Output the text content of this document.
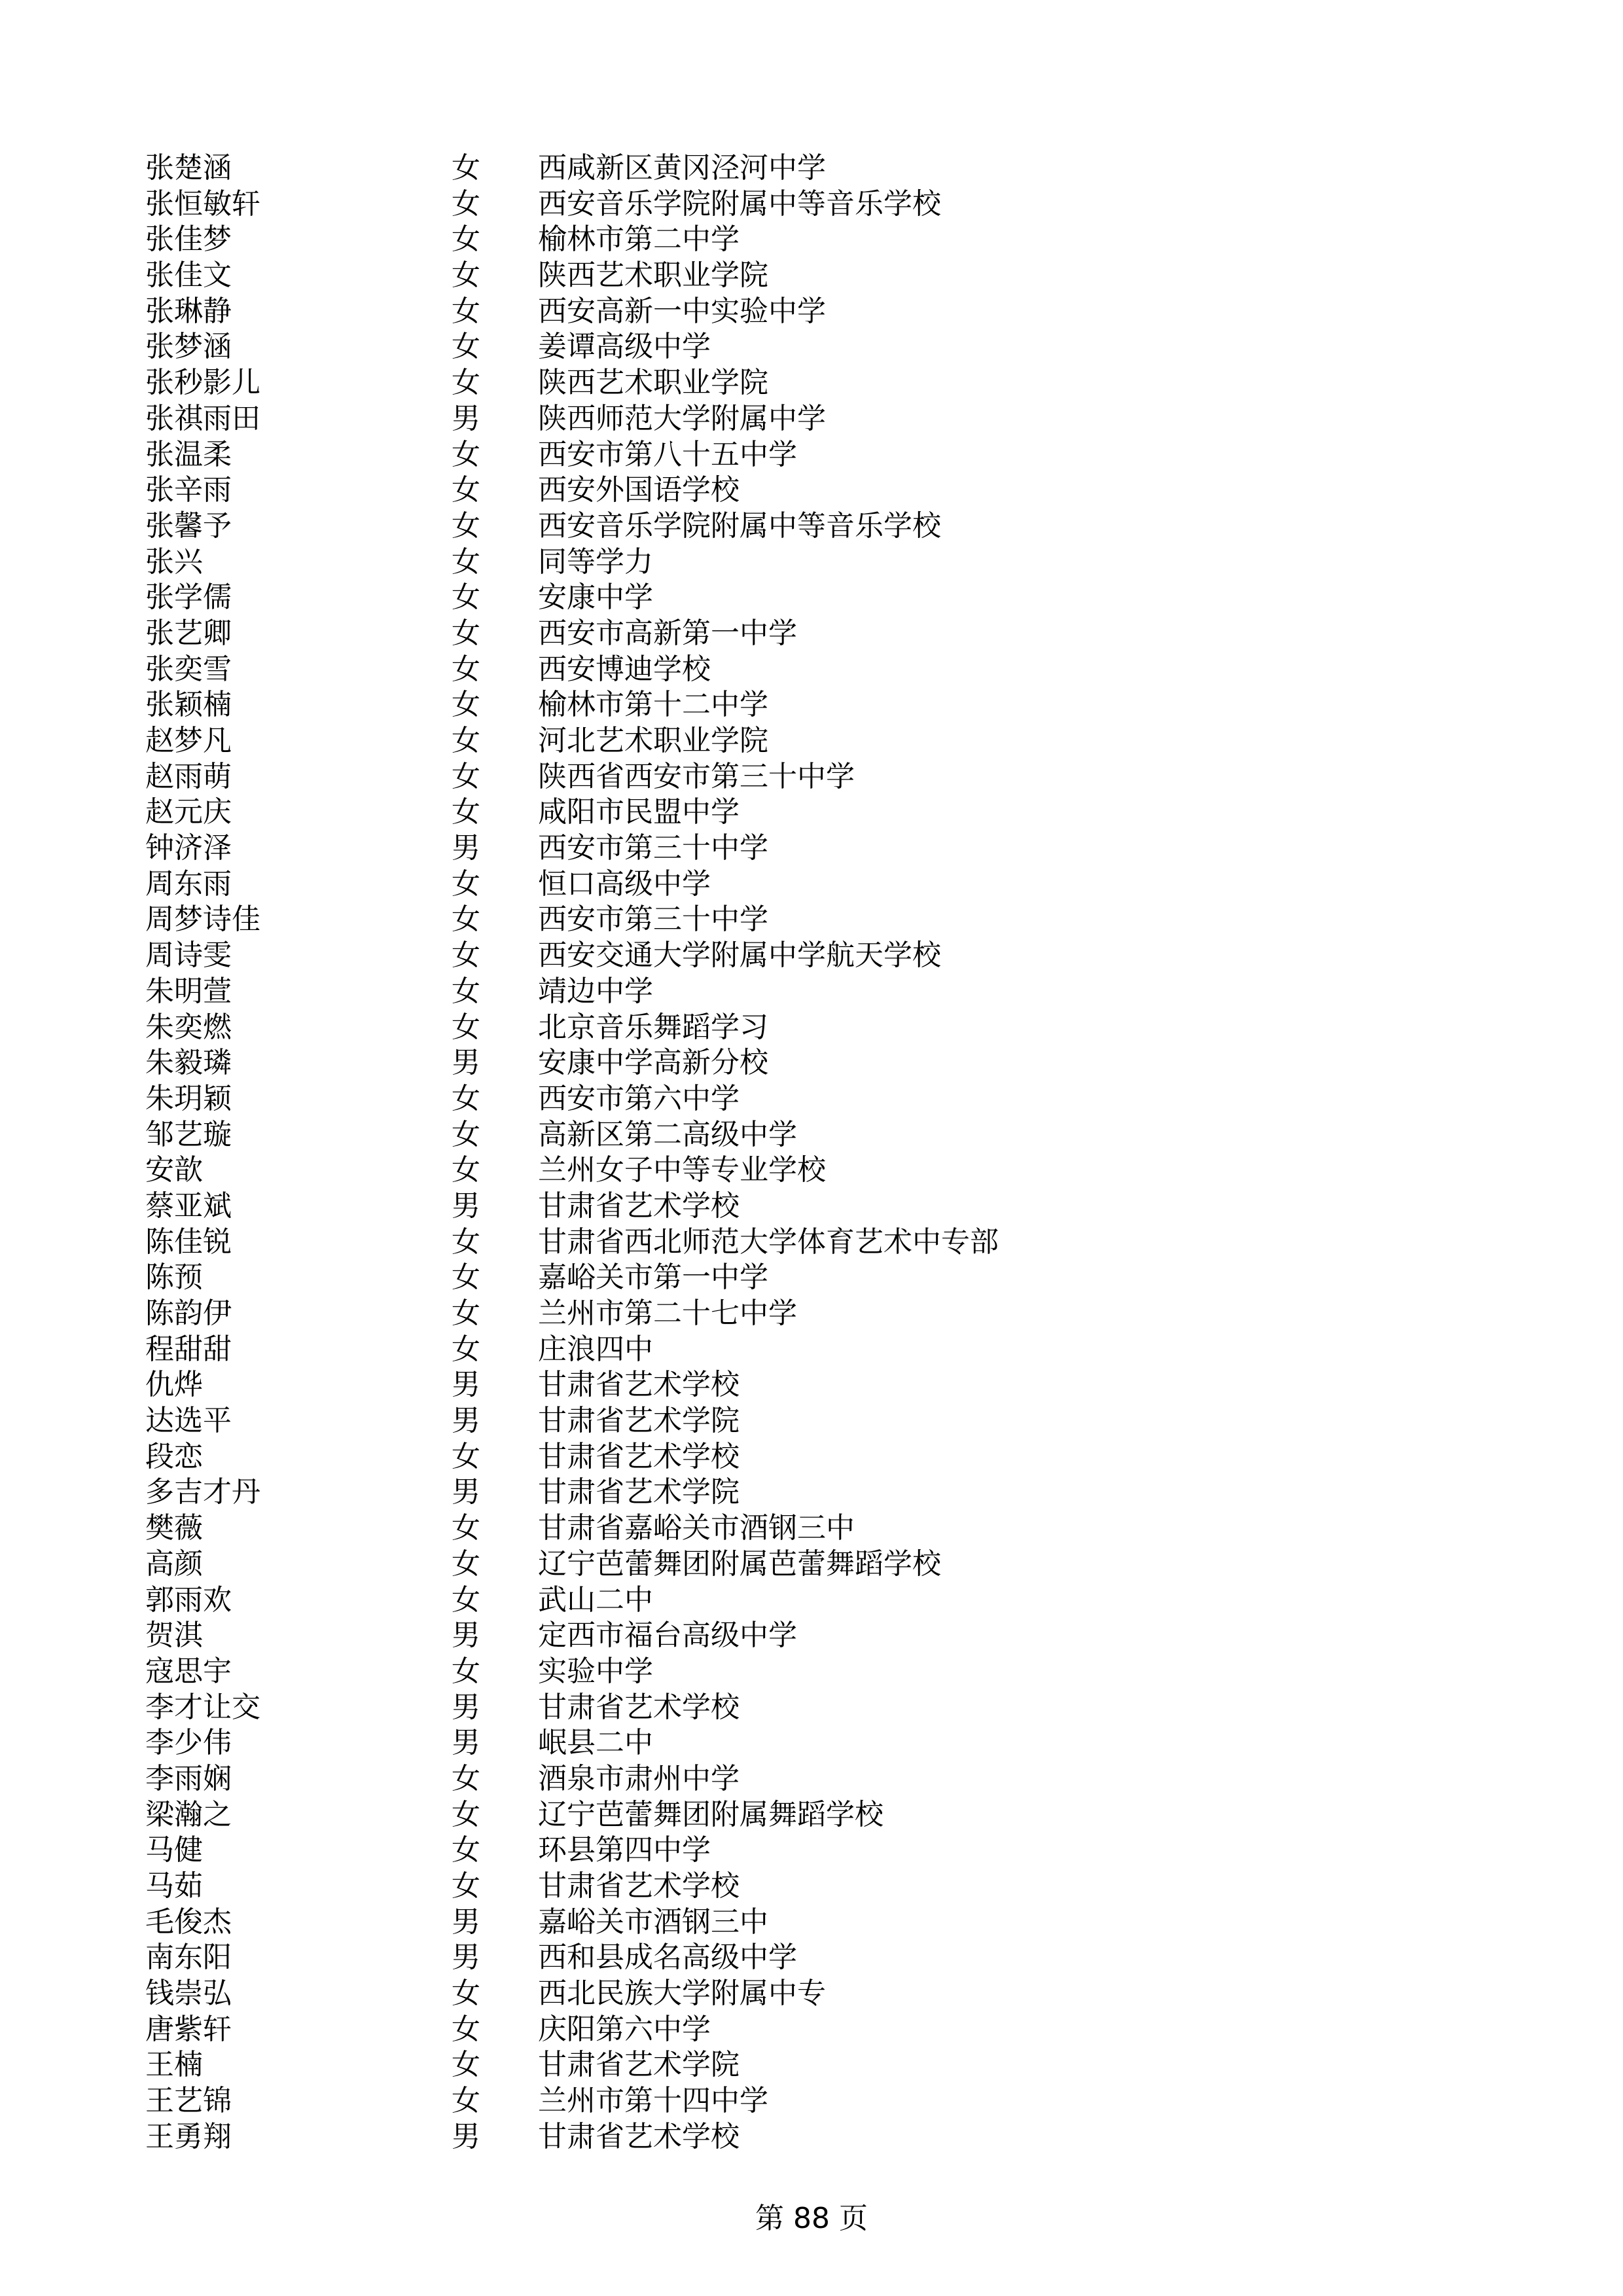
张楚涵	女 西咸新区黄冈泾河中学
张恒敏轩	女 西安音乐学院附属中等音乐学校
张佳梦	女 榆林市第二中学
张佳文	女 陕西艺术职业学院
张琳静	女 西安高新一中实验中学
张梦涵	女 姜谭高级中学
张秒影儿	女 陕西艺术职业学院
张祺雨田	男 陕西师范大学附属中学
张温柔	女 西安市第八十五中学
张辛雨	女 西安外国语学校
张馨予	女 西安音乐学院附属中等音乐学校
张兴	女 同等学力
张学儒	女 安康中学
张艺卿	女 西安市高新第一中学
张奕雪	女 西安博迪学校
张颖楠	女 榆林市第十二中学
赵梦凡	女 河北艺术职业学院
赵雨萌	女 陕西省西安市第三十中学
赵元庆	女 咸阳市民盟中学
钟济泽	男 西安市第三十中学
周东雨	女 恒口高级中学
周梦诗佳	女 西安市第三十中学
周诗雯	女 西安交通大学附属中学航天学校
朱明萱	女 靖边中学
朱奕燃	女 北京音乐舞蹈学习
朱毅璘	男 安康中学高新分校
朱玥颖	女 西安市第六中学
邹艺璇	女 高新区第二高级中学
安歆	女 兰州女子中等专业学校
蔡亚斌	男 甘肃省艺术学校
陈佳锐	女 甘肃省西北师范大学体育艺术中专部
陈预	女 嘉峪关市第一中学
陈韵伊	女 兰州市第二十七中学
程甜甜	女 庄浪四中
仇烨	男 甘肃省艺术学校
达选平	男 甘肃省艺术学院
段恋	女 甘肃省艺术学校
多吉才丹	男 甘肃省艺术学院
樊薇	女 甘肃省嘉峪关市酒钢三中
高颜	女 辽宁芭蕾舞团附属芭蕾舞蹈学校
郭雨欢	女 武山二中
贺淇	男 定西市福台高级中学
寇思宇	女 实验中学
李才让交	男 甘肃省艺术学校
李少伟	男 岷县二中
李雨娴	女 酒泉市肃州中学
梁瀚之	女 辽宁芭蕾舞团附属舞蹈学校
马健	女 环县第四中学
马茹	女 甘肃省艺术学校
毛俊杰	男 嘉峪关市酒钢三中
南东阳	男 西和县成名高级中学
钱崇弘	女 西北民族大学附属中专
唐紫轩	女 庆阳第六中学
王楠	女 甘肃省艺术学院
王艺锦	女 兰州市第十四中学
王勇翔	男 甘肃省艺术学校
第 88 页
